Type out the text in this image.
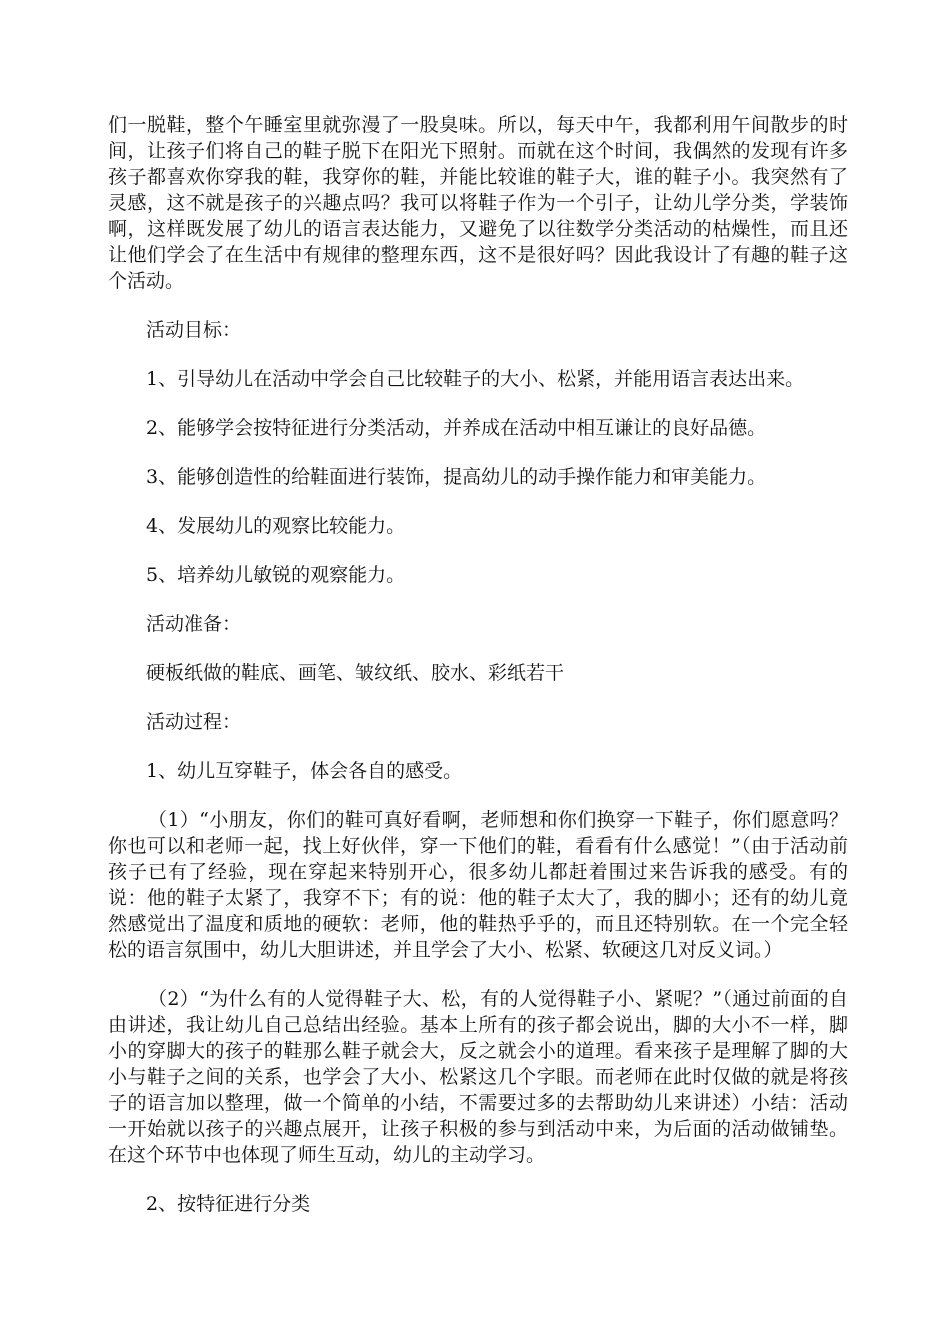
们一脱鞋，整个午睡室里就弥漫了一股臭味。所以，每天中午，我都利用午间散步的时间，让孩子们将自己的鞋子脱下在阳光下照射。而就在这个时间，我偶然的发现有许多孩子都喜欢你穿我的鞋，我穿你的鞋，并能比较谁的鞋子大，谁的鞋子小。我突然有了灵感，这不就是孩子的兴趣点吗？我可以将鞋子作为一个引子，让幼儿学分类，学装饰啊，这样既发展了幼儿的语言表达能力，又避免了以往数学分类活动的枯燥性，而且还让他们学会了在生活中有规律的整理东西，这不是很好吗？因此我设计了有趣的鞋子这个活动。

活动目标：

1、引导幼儿在活动中学会自己比较鞋子的大小、松紧，并能用语言表达出来。

2、能够学会按特征进行分类活动，并养成在活动中相互谦让的良好品德。

3、能够创造性的给鞋面进行装饰，提高幼儿的动手操作能力和审美能力。

4、发展幼儿的观察比较能力。

5、培养幼儿敏锐的观察能力。

活动准备：

硬板纸做的鞋底、画笔、皱纹纸、胶水、彩纸若干

活动过程：

1、幼儿互穿鞋子，体会各自的感受。

（1）“小朋友，你们的鞋可真好看啊，老师想和你们换穿一下鞋子，你们愿意吗？你也可以和老师一起，找上好伙伴，穿一下他们的鞋，看看有什么感觉！”（由于活动前孩子已有了经验，现在穿起来特别开心，很多幼儿都赶着围过来告诉我的感受。有的说：他的鞋子太紧了，我穿不下；有的说：他的鞋子太大了，我的脚小；还有的幼儿竟然感觉出了温度和质地的硬软：老师，他的鞋热乎乎的，而且还特别软。在一个完全轻松的语言氛围中，幼儿大胆讲述，并且学会了大小、松紧、软硬这几对反义词。）

（2）“为什么有的人觉得鞋子大、松，有的人觉得鞋子小、紧呢？”（通过前面的自由讲述，我让幼儿自己总结出经验。基本上所有的孩子都会说出，脚的大小不一样，脚小的穿脚大的孩子的鞋那么鞋子就会大，反之就会小的道理。看来孩子是理解了脚的大小与鞋子之间的关系，也学会了大小、松紧这几个字眼。而老师在此时仅做的就是将孩子的语言加以整理，做一个简单的小结，不需要过多的去帮助幼儿来讲述）小结：活动一开始就以孩子的兴趣点展开，让孩子积极的参与到活动中来，为后面的活动做铺垫。在这个环节中也体现了师生互动，幼儿的主动学习。

2、按特征进行分类
